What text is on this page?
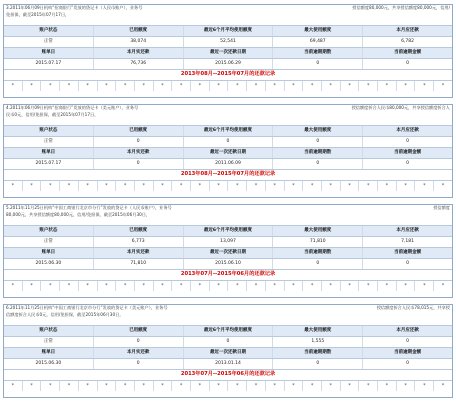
授信额度80,000元，共享授信额度80,000元，信用/
3.2011年06月09日机构“招商银行”发放的贷记卡（人民币账户），业务号
免担保，截至2015年07月17日，
账户状态	已用额度	最近6个月平均使用额度	最大使用额度	本月应还款
正常	38,074	52,541	69,487	6,782
账单日	本月实还款	最近一次还款日期	当前逾期期数	当前逾期金额
2015.07.17	76,736	2015.06.29	0	0
2013年08月--2015年07月的还款记录
*	*	*	*	*	*	*	*	*	*	*	*	*	*	*	*	*	*	*	*	*	*	*	*
授信额度折合人民币80,000元，共享授信额度折合人
4.2011年06月09日机构“招商银行”发放的贷记卡（美元账户），业务号
民币0元，信用/免担保，截至2015年07月17日，
账户状态	已用额度	最近6个月平均使用额度	最大使用额度	本月应还款
正常	0	0	0	0
账单日	本月实还款	最近一次还款日期	当前逾期期数	当前逾期金额
2015.07.17	0	2011.06.09	0	0
2013年08月--2015年07月的还款记录
*	*	*	*	*	*	*	*	*	*	*	*	*	*	*	*	*	*	*	*	*	*	*	*
授信额度
5.2011年11月25日机构“中国工商银行北京市分行”发放的贷记卡（人民币账户），业务号
80,000元，共享授信额度80,000元，信用/免担保，截至2015年06月30日，
账户状态	已用额度	最近6个月平均使用额度	最大使用额度	本月应还款
正常	6,773	13,097	71,810	7,181
账单日	本月实还款	最近一次还款日期	当前逾期期数	当前逾期金额
2015.06.30	71,810	2015.06.10	0	0
2013年07月--2015年06月的还款记录
*	*	*	*	*	*	*	*	*	*	*	*	*	*	*	*	*	*	*	*	*	*	*	*
授信额度折合人民币78,015元，共享授
6.2011年11月25日机构“中国工商银行北京市分行”发放的贷记卡（美元账户），业务号
信额度折合人民币0元，信用/免担保，截至2015年06月30日，
账户状态	已用额度	最近6个月平均使用额度	最大使用额度	本月应还款
正常	0	0	1,555	0
账单日	本月实还款	最近一次还款日期	当前逾期期数	当前逾期金额
2015.06.30	0	2013.01.14	0	0
2013年07月--2015年06月的还款记录
*	*	*	*	*	*	*	*	*	*	*	*	*	*	*	*	*	*	*	*	*	*	*	*
